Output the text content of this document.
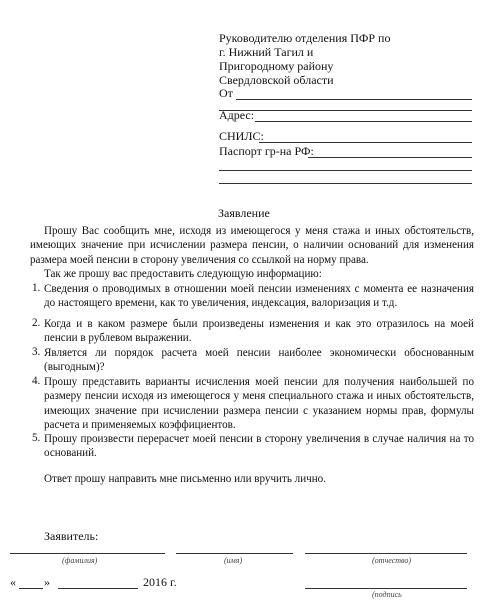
Руководителю отделения ПФР по
г. Нижний Тагил и
Пригородному району
Свердловской области
От
Адрес:
СНИЛС:
Паспорт гр-на РФ:
Заявление
Прошу Вас сообщить мне, исходя из имеющегося у меня стажа и иных обстоятельств, имеющих значение при исчислении размера пенсии, о наличии оснований для изменения размера моей пенсии в сторону увеличения со ссылкой на норму права.
Так же прошу вас предоставить следующую информацию:
1. Сведения о проводимых в отношении моей пенсии изменениях с момента ее назначения до настоящего времени, как то увеличения, индексация, валоризация и т.д.
2. Когда и в каком размере были произведены изменения и как это отразилось на моей пенсии в рублевом выражении.
3. Является ли порядок расчета моей пенсии наиболее экономически обоснованным (выгодным)?
4. Прошу представить варианты исчисления моей пенсии для получения наибольшей по размеру пенсии исходя из имеющегося у меня специального стажа и иных обстоятельств, имеющих значение при исчислении размера пенсии с указанием нормы прав, формулы расчета и применяемых коэффициентов.
5. Прошу произвести перерасчет моей пенсии в сторону увеличения в случае наличия на то оснований.
Ответ прошу направить мне письменно или вручить лично.
Заявитель:
(фамилия)	(имя)	(отчество)
« »	2016 г.
(подпись
